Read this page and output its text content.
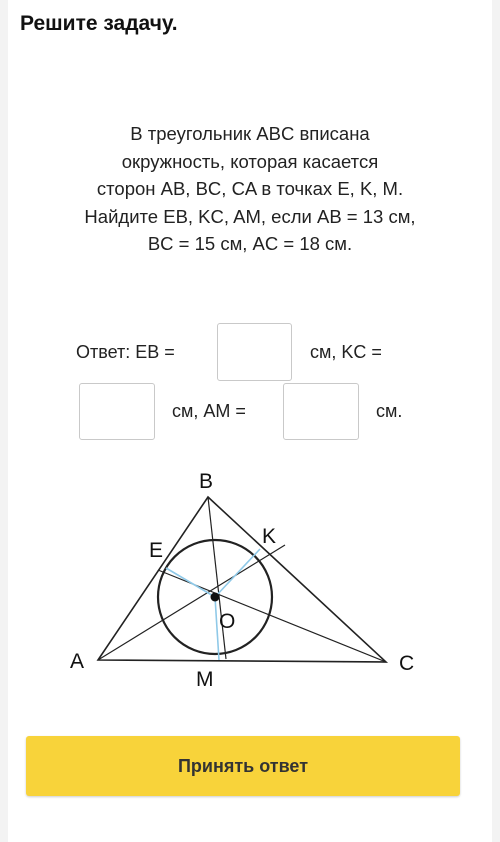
Решите задачу.
В треугольник ABC вписана
окружность, которая касается
сторон AB, BC, CA в точках E, K, M.
Найдите EB, KC, AM, если AB = 13 см,
BC = 15 см, AC = 18 см.
Ответ: EB =	см, KC =
см, AM =	см.
A
B
C
E
K
M
O
Принять ответ
